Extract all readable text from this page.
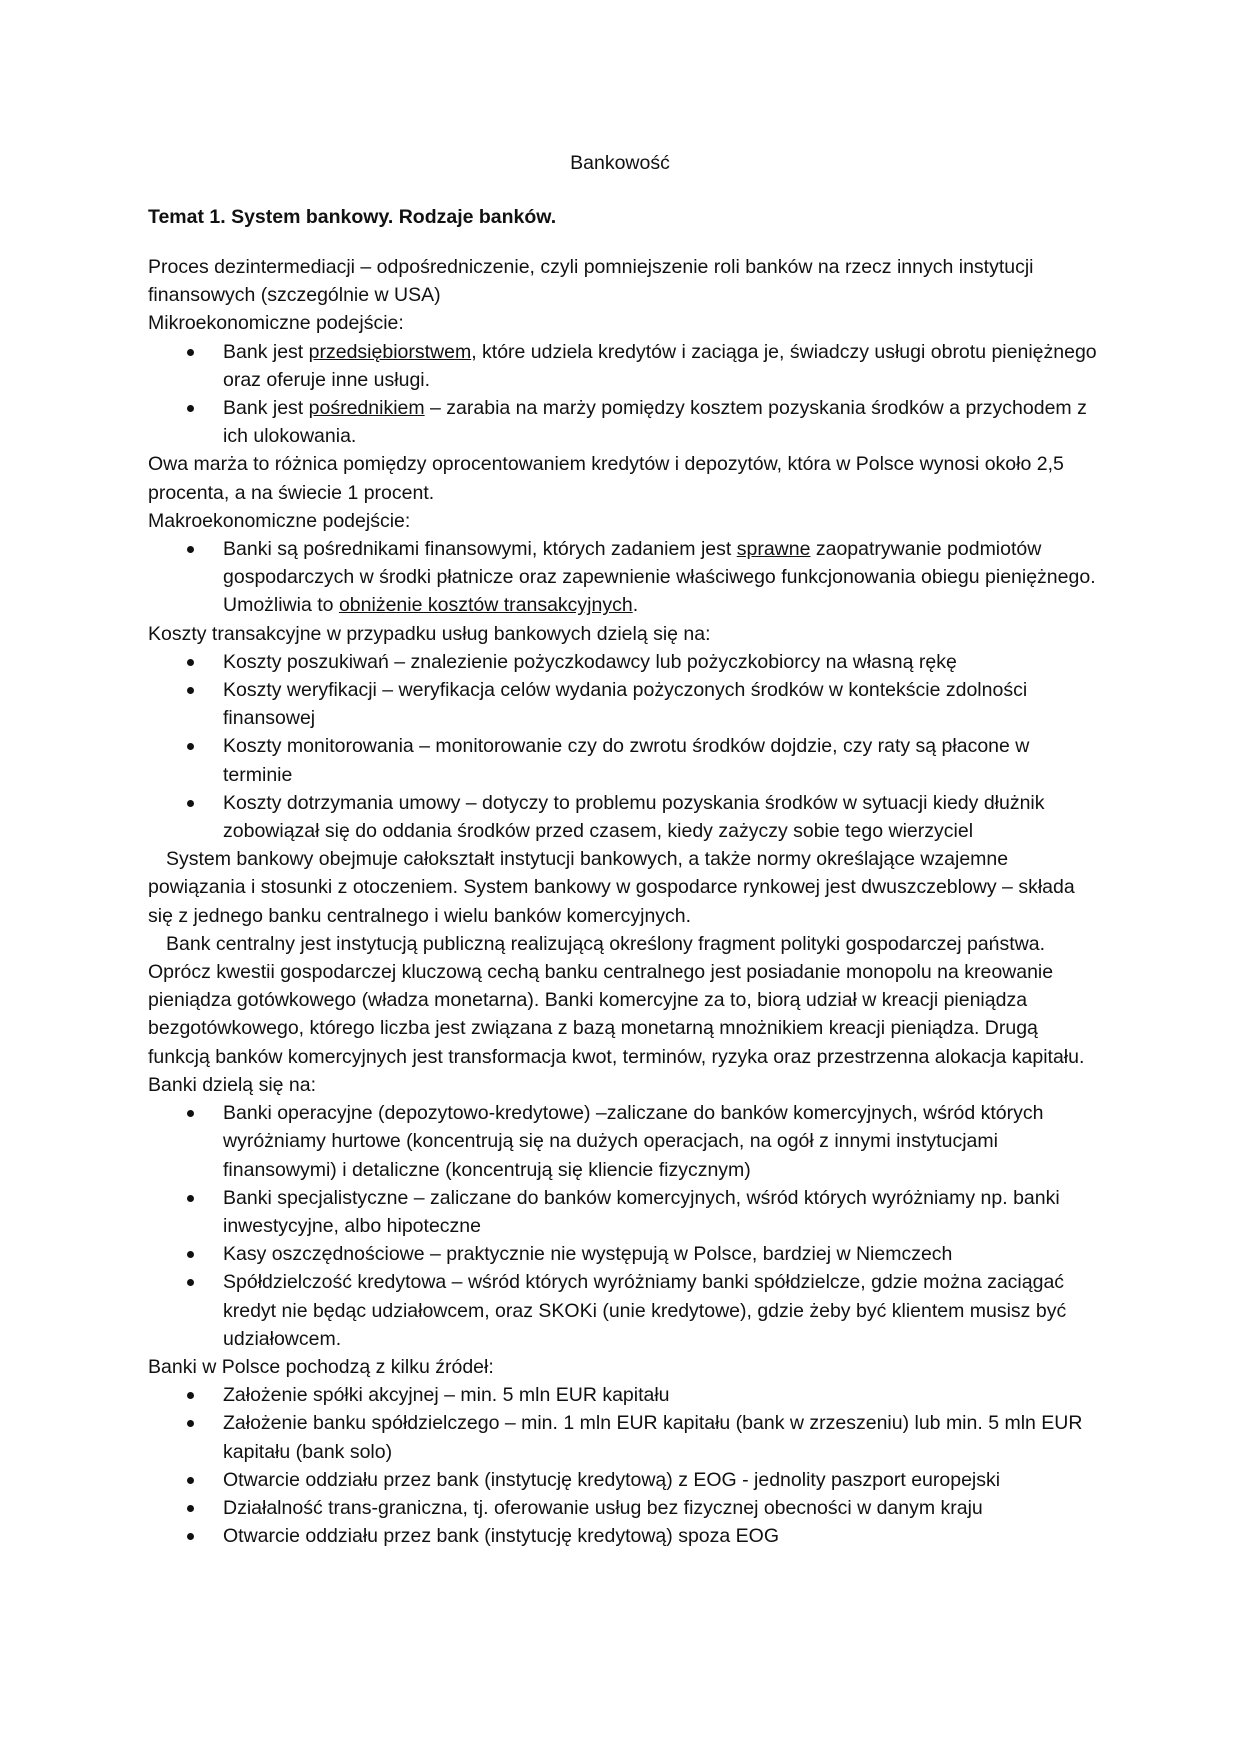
Bankowość
Temat 1. System bankowy. Rodzaje banków.

Proces dezintermediacji – odpośredniczenie, czyli pomniejszenie roli banków na rzecz innych instytucji finansowych (szczególnie w USA)

Mikroekonomiczne podejście:

Bank jest przedsiębiorstwem, które udziela kredytów i zaciąga je, świadczy usługi obrotu pieniężnego oraz oferuje inne usługi.
Bank jest pośrednikiem – zarabia na marży pomiędzy kosztem pozyskania środków a przychodem z ich ulokowania.

Owa marża to różnica pomiędzy oprocentowaniem kredytów i depozytów, która w Polsce wynosi około 2,5 procenta, a na świecie 1 procent.

Makroekonomiczne podejście:

Banki są pośrednikami finansowymi, których zadaniem jest sprawne zaopatrywanie podmiotów gospodarczych w środki płatnicze oraz zapewnienie właściwego funkcjonowania obiegu pieniężnego. Umożliwia to obniżenie kosztów transakcyjnych.

Koszty transakcyjne w przypadku usług bankowych dzielą się na:

Koszty poszukiwań – znalezienie pożyczkodawcy lub pożyczkobiorcy na własną rękę
Koszty weryfikacji – weryfikacja celów wydania pożyczonych środków w kontekście zdolności finansowej
Koszty monitorowania – monitorowanie czy do zwrotu środków dojdzie, czy raty są płacone w terminie
Koszty dotrzymania umowy – dotyczy to problemu pozyskania środków w sytuacji kiedy dłużnik zobowiązał się do oddania środków przed czasem, kiedy zażyczy sobie tego wierzyciel

System bankowy obejmuje całokształt instytucji bankowych, a także normy określające wzajemne powiązania i stosunki z otoczeniem. System bankowy w gospodarce rynkowej jest dwuszczeblowy – składa się z jednego banku centralnego i wielu banków komercyjnych.

Bank centralny jest instytucją publiczną realizującą określony fragment polityki gospodarczej państwa. Oprócz kwestii gospodarczej kluczową cechą banku centralnego jest posiadanie monopolu na kreowanie pieniądza gotówkowego (władza monetarna). Banki komercyjne za to, biorą udział w kreacji pieniądza bezgotówkowego, którego liczba jest związana z bazą monetarną mnożnikiem kreacji pieniądza. Drugą funkcją banków komercyjnych jest transformacja kwot, terminów, ryzyka oraz przestrzenna alokacja kapitału.

Banki dzielą się na:

Banki operacyjne (depozytowo-kredytowe) –zaliczane do banków komercyjnych, wśród których wyróżniamy hurtowe (koncentrują się na dużych operacjach, na ogół z innymi instytucjami finansowymi) i detaliczne (koncentrują się kliencie fizycznym)
Banki specjalistyczne – zaliczane do banków komercyjnych, wśród których wyróżniamy np. banki inwestycyjne, albo hipoteczne
Kasy oszczędnościowe – praktycznie nie występują w Polsce, bardziej w Niemczech
Spółdzielczość kredytowa – wśród których wyróżniamy banki spółdzielcze, gdzie można zaciągać kredyt nie będąc udziałowcem, oraz SKOKi (unie kredytowe), gdzie żeby być klientem musisz być udziałowcem.

Banki w Polsce pochodzą z kilku źródeł:

Założenie spółki akcyjnej – min. 5 mln EUR kapitału
Założenie banku spółdzielczego – min. 1 mln EUR kapitału (bank w zrzeszeniu) lub min. 5 mln EUR kapitału (bank solo)
Otwarcie oddziału przez bank (instytucję kredytową) z EOG - jednolity paszport europejski
Działalność trans-graniczna, tj. oferowanie usług bez fizycznej obecności w danym kraju
Otwarcie oddziału przez bank (instytucję kredytową) spoza EOG
